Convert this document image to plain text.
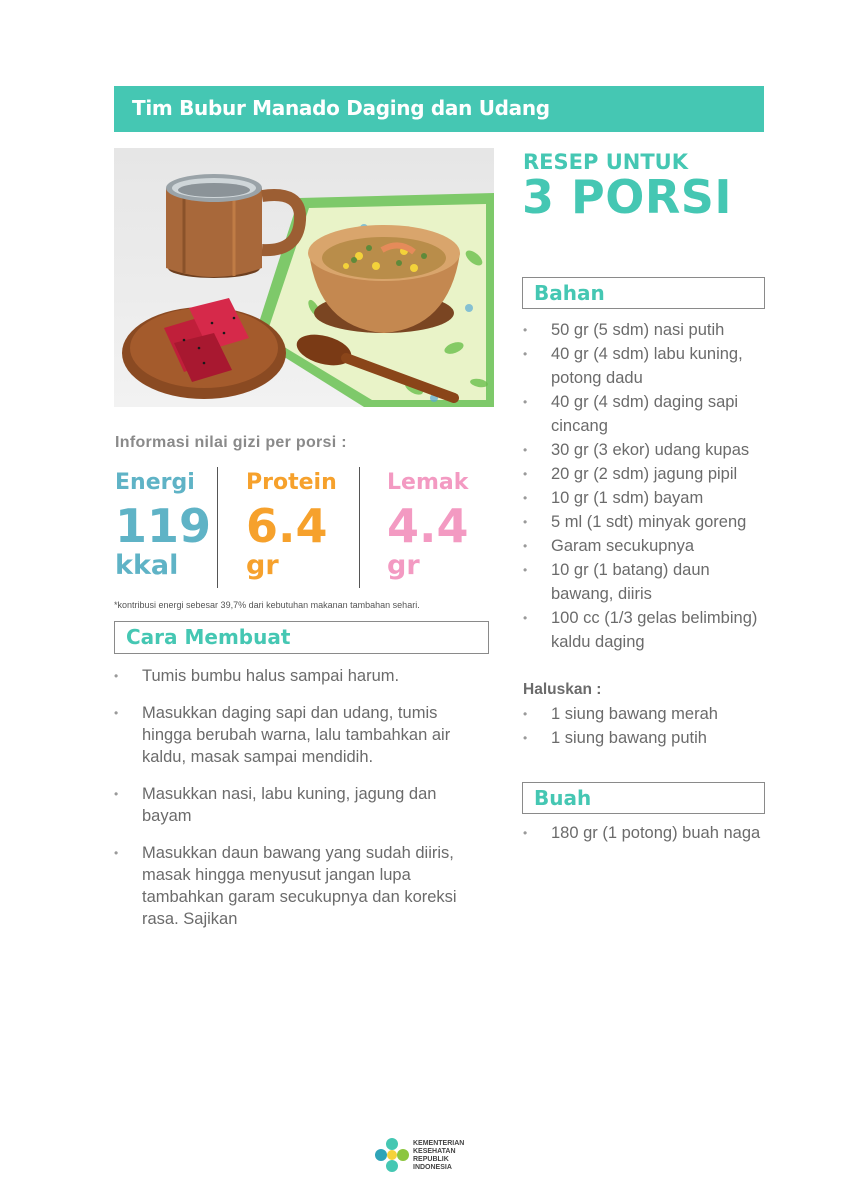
Tim Bubur Manado Daging dan Udang
RESEP UNTUK
3 PORSI
Bahan
• 50 gr (5 sdm) nasi putih
• 40 gr (4 sdm) labu kuning, potong dadu
• 40 gr (4 sdm) daging sapi cincang
• 30 gr (3 ekor) udang kupas
• 20 gr (2 sdm) jagung pipil
• 10 gr (1 sdm) bayam
• 5 ml (1 sdt) minyak goreng
• Garam secukupnya
• 10 gr (1 batang) daun bawang, diiris
• 100 cc (1/3 gelas belimbing) kaldu daging
Haluskan :
• 1 siung bawang merah
• 1 siung bawang putih
Buah
• 180 gr (1 potong) buah naga
Informasi nilai gizi per porsi :
Energi
119
kkal
Protein
6.4
gr
Lemak
4.4
gr
*kontribusi energi sebesar 39,7% dari kebutuhan makanan tambahan sehari.
Cara Membuat
• Tumis bumbu halus sampai harum.
• Masukkan daging sapi dan udang, tumis hingga berubah warna, lalu tambahkan air kaldu, masak sampai mendidih.
• Masukkan nasi, labu kuning, jagung dan bayam
• Masukkan daun bawang yang sudah diiris, masak hingga menyusut jangan lupa tambahkan garam secukupnya dan koreksi rasa. Sajikan
KEMENTERIAN
KESEHATAN
REPUBLIK
INDONESIA
